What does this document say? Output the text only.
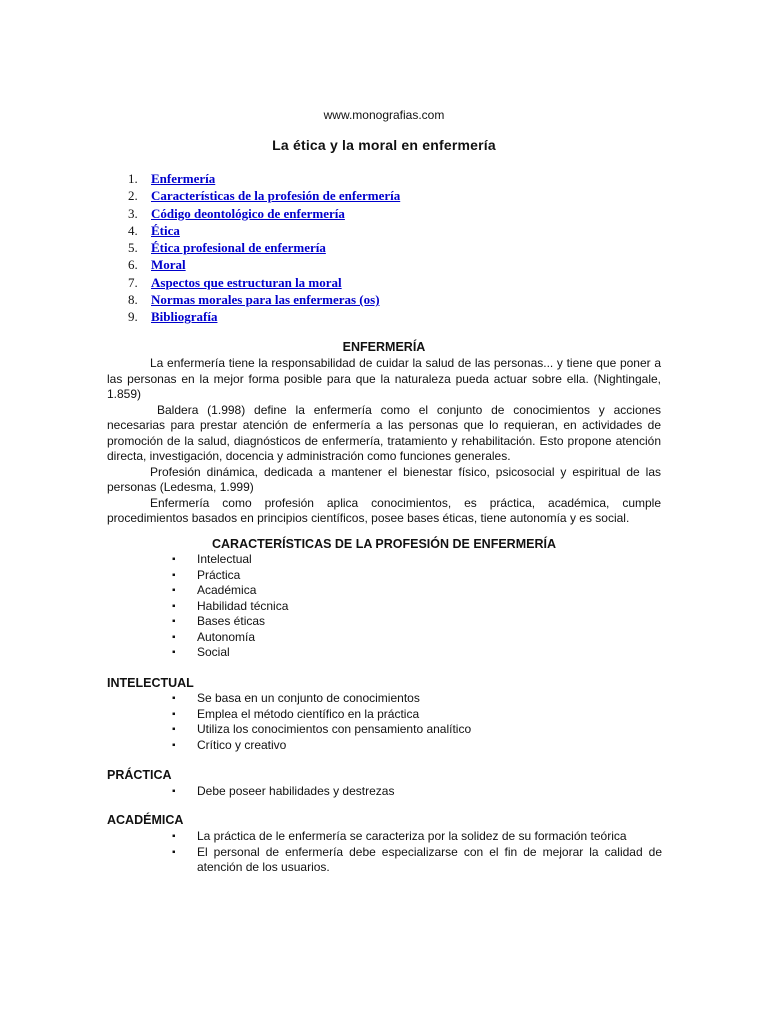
www.monografias.com
La ética y la moral en enfermería
1.	Enfermería
2.	Características de la profesión de enfermería
3.	Código deontológico de enfermería
4.	Ética
5.	Ética profesional de enfermería
6.	Moral
7.	Aspectos que estructuran la moral
8.	Normas morales para las enfermeras (os)
9.	Bibliografía
ENFERMERÍA

La enfermería tiene la responsabilidad de cuidar la salud de las personas... y tiene que poner a las personas en la mejor forma posible para que la naturaleza pueda actuar sobre ella. (Nightingale, 1.859)

Baldera (1.998) define la enfermería como el conjunto de conocimientos y acciones necesarias para prestar atención de enfermería a las personas que lo requieran, en actividades de promoción de la salud, diagnósticos de enfermería, tratamiento y rehabilitación. Esto propone atención directa, investigación, docencia y administración como funciones generales.

Profesión dinámica, dedicada a mantener el bienestar físico, psicosocial y espiritual de las personas (Ledesma, 1.999)

Enfermería como profesión aplica conocimientos, es práctica, académica, cumple procedimientos basados en principios científicos, posee bases éticas, tiene autonomía y es social.

CARACTERÍSTICAS DE LA PROFESIÓN DE ENFERMERÍA
▪ Intelectual
▪ Práctica
▪ Académica
▪ Habilidad técnica
▪ Bases éticas
▪ Autonomía
▪ Social
INTELECTUAL
▪ Se basa en un conjunto de conocimientos
▪ Emplea el método científico en la práctica
▪ Utiliza los conocimientos con pensamiento analítico
▪ Crítico y creativo
PRÁCTICA
▪ Debe poseer habilidades y destrezas
ACADÉMICA
▪ La práctica de le enfermería se caracteriza por la solidez de su formación teórica
▪ El personal de enfermería debe especializarse con el fin de mejorar la calidad de atención de los usuarios.
